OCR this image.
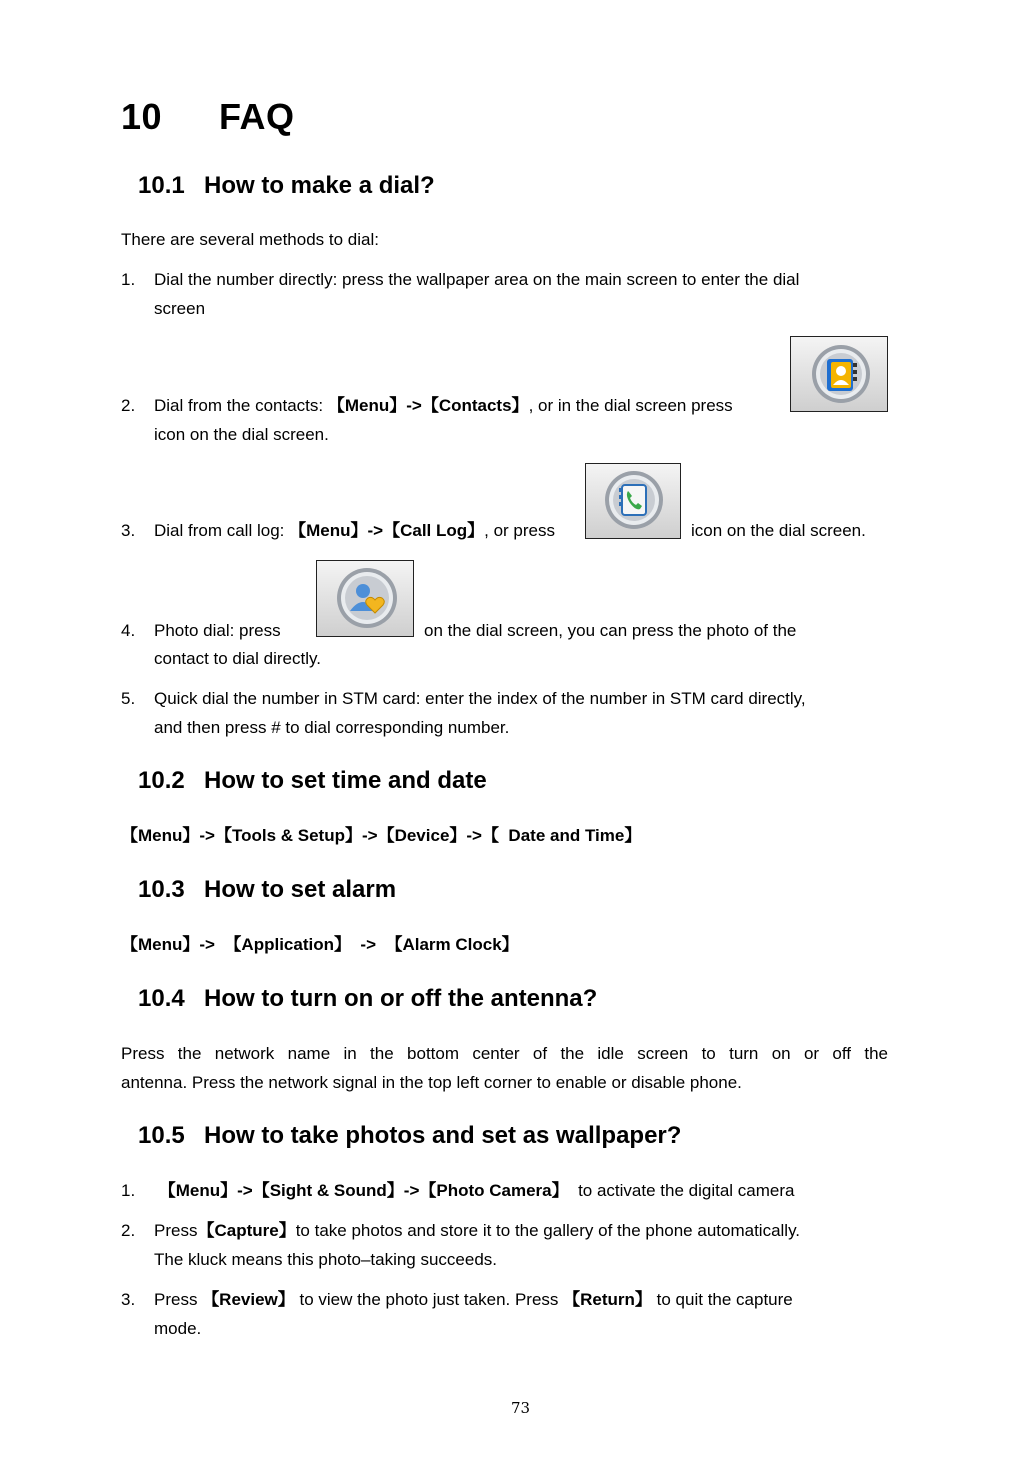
10 FAQ
10.1 How to make a dial?
There are several methods to dial:
1. Dial the number directly: press the wallpaper area on the main screen to enter the dial
screen
2. Dial from the contacts: 【Menu】->【Contacts】, or in the dial screen press
icon on the dial screen.
3. Dial from call log: 【Menu】->【Call Log】, or press	icon on the dial screen.
4. Photo dial: press	on the dial screen, you can press the photo of the
contact to dial directly.
5. Quick dial the number in STM card: enter the index of the number in STM card directly,
and then press # to dial corresponding number.
10.2 How to set time and date
【Menu】->【Tools & Setup】->【Device】->【  Date and Time】
10.3 How to set alarm
【Menu】->  【Application】  ->  【Alarm Clock】
10.4 How to turn on or off the antenna?
Press the network name in the bottom center of the idle screen to turn on or off the
antenna. Press the network signal in the top left corner to enable or disable phone.
10.5 How to take photos and set as wallpaper?
1. 【Menu】->【Sight & Sound】->【Photo Camera】  to activate the digital camera
2. Press【Capture】to take photos and store it to the gallery of the phone automatically.
The kluck means this photo–taking succeeds.
3. Press 【Review】 to view the photo just taken. Press 【Return】 to quit the capture
mode.
73
